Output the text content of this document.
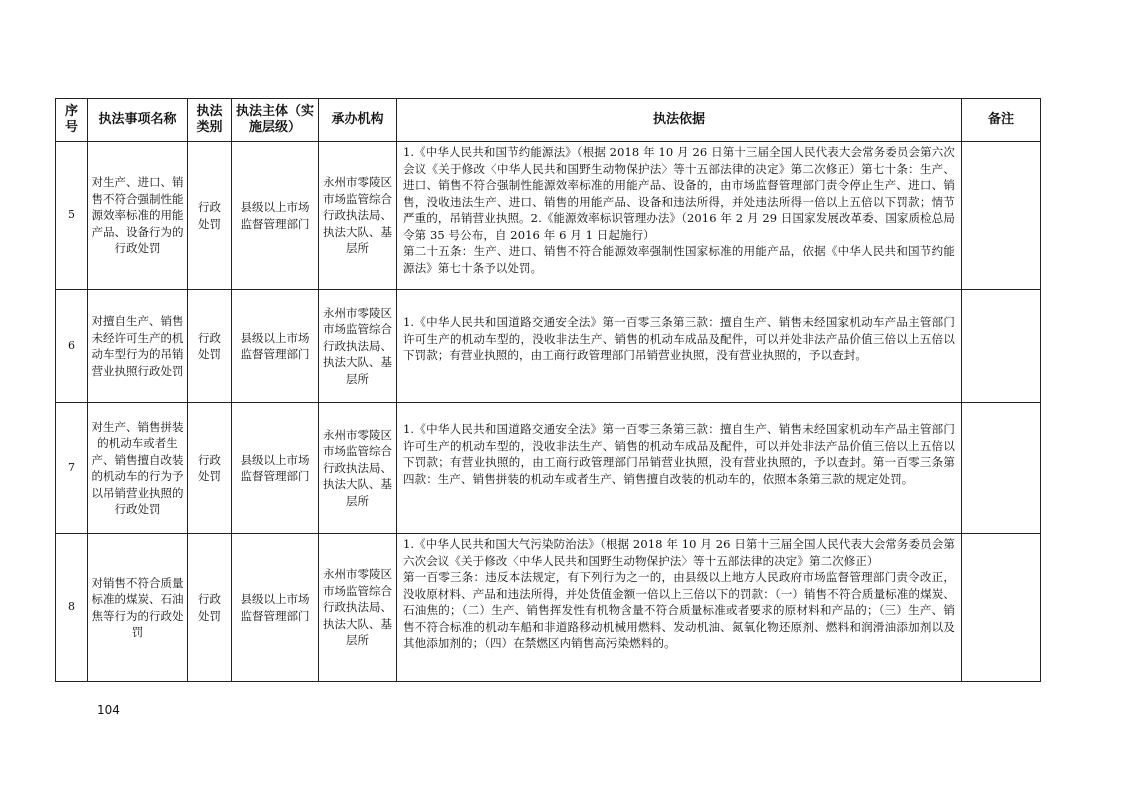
序号	执法事项名称	执法类别	执法主体（实施层级）	承办机构	执法依据	备注
5	对生产、进口、销售不符合强制性能源效率标准的用能产品、设备行为的行政处罚	行政处罚	县级以上市场监督管理部门	永州市零陵区市场监管综合行政执法局、执法大队、基层所	1.《中华人民共和国节约能源法》（根据 2018 年 10 月 26 日第十三届全国人民代表大会常务委员会第六次会议《关于修改〈中华人民共和国野生动物保护法〉等十五部法律的决定》第二次修正）第七十条：生产、进口、销售不符合强制性能源效率标准的用能产品、设备的，由市场监督管理部门责令停止生产、进口、销售，没收违法生产、进口、销售的用能产品、设备和违法所得，并处违法所得一倍以上五倍以下罚款；情节严重的，吊销营业执照。2.《能源效率标识管理办法》（2016 年 2 月 29 日国家发展改革委、国家质检总局令第 35 号公布，自 2016 年 6 月 1 日起施行）

第二十五条：生产、进口、销售不符合能源效率强制性国家标准的用能产品，依据《中华人民共和国节约能源法》第七十条予以处罚。	

6	对擅自生产、销售未经许可生产的机动车型行为的吊销营业执照行政处罚	行政处罚	县级以上市场监督管理部门	永州市零陵区市场监管综合行政执法局、执法大队、基层所	1.《中华人民共和国道路交通安全法》第一百零三条第三款：擅自生产、销售未经国家机动车产品主管部门许可生产的机动车型的，没收非法生产、销售的机动车成品及配件，可以并处非法产品价值三倍以上五倍以下罚款；有营业执照的，由工商行政管理部门吊销营业执照，没有营业执照的，予以查封。	

7	对生产、销售拼装的机动车或者生产、销售擅自改装的机动车的行为予以吊销营业执照的行政处罚	行政处罚	县级以上市场监督管理部门	永州市零陵区市场监管综合行政执法局、执法大队、基层所	1.《中华人民共和国道路交通安全法》第一百零三条第三款：擅自生产、销售未经国家机动车产品主管部门许可生产的机动车型的，没收非法生产、销售的机动车成品及配件，可以并处非法产品价值三倍以上五倍以下罚款；有营业执照的，由工商行政管理部门吊销营业执照，没有营业执照的，予以查封。第一百零三条第四款：生产、销售拼装的机动车或者生产、销售擅自改装的机动车的，依照本条第三款的规定处罚。	

8	对销售不符合质量标准的煤炭、石油焦等行为的行政处罚	行政处罚	县级以上市场监督管理部门	永州市零陵区市场监管综合行政执法局、执法大队、基层所	1.《中华人民共和国大气污染防治法》（根据 2018 年 10 月 26 日第十三届全国人民代表大会常务委员会第六次会议《关于修改〈中华人民共和国野生动物保护法〉等十五部法律的决定》第二次修正）

第一百零三条：违反本法规定，有下列行为之一的，由县级以上地方人民政府市场监督管理部门责令改正，没收原材料、产品和违法所得，并处货值金额一倍以上三倍以下的罚款：（一）销售不符合质量标准的煤炭、石油焦的；（二）生产、销售挥发性有机物含量不符合质量标准或者要求的原材料和产品的；（三）生产、销售不符合标准的机动车船和非道路移动机械用燃料、发动机油、氮氧化物还原剂、燃料和润滑油添加剂以及其他添加剂的；（四）在禁燃区内销售高污染燃料的。	

104
